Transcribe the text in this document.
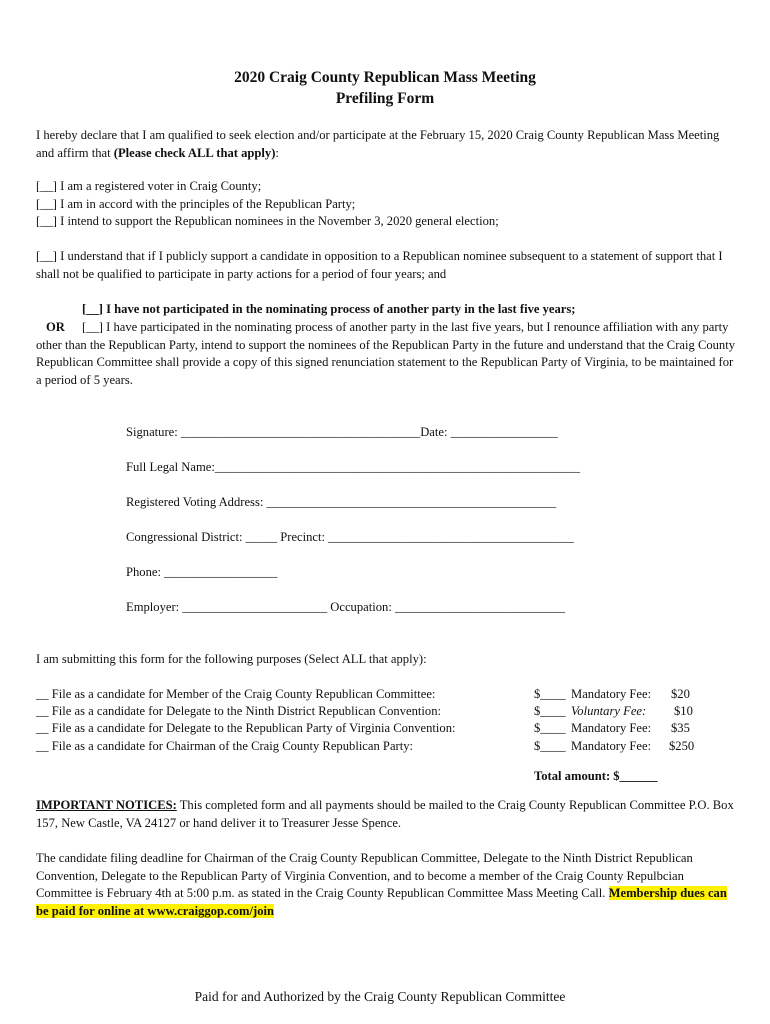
2020 Craig County Republican Mass Meeting
Prefiling Form
I hereby declare that I am qualified to seek election and/or participate at the February 15, 2020 Craig County Republican Mass Meeting and affirm that (Please check ALL that apply):
[__] I am a registered voter in Craig County;
[__] I am in accord with the principles of the Republican Party;
[__] I intend to support the Republican nominees in the November 3, 2020 general election;
[__] I understand that if I publicly support a candidate in opposition to a Republican nominee subsequent to a statement of support that I shall not be qualified to participate in party actions for a period of four years; and
[__] I have not participated in the nominating process of another party in the last five years;
OR	[__] I have participated in the nominating process of another party in the last five years, but I renounce affiliation with any party other than the Republican Party, intend to support the nominees of the Republican Party in the future and understand that the Craig County Republican Committee shall provide a copy of this signed renunciation statement to the Republican Party of Virginia, to be maintained for a period of 5 years.
Signature: ______________________________________Date: _________________
Full Legal Name:__________________________________________________________
Registered Voting Address: ______________________________________________
Congressional District: _____ Precinct: _______________________________________
Phone: __________________
Employer: _______________________ Occupation: ___________________________
I am submitting this form for the following purposes (Select ALL that apply):
__ File as a candidate for Member of the Craig County Republican Committee:	$____ Mandatory Fee: $20
__ File as a candidate for Delegate to the Ninth District Republican Convention:	$____ Voluntary Fee: $10
__ File as a candidate for Delegate to the Republican Party of Virginia Convention:	$____ Mandatory Fee: $35
__ File as a candidate for Chairman of the Craig County Republican Party:	$____ Mandatory Fee: $250
Total amount: $______
IMPORTANT NOTICES: This completed form and all payments should be mailed to the Craig County Republican Committee P.O. Box 157, New Castle, VA 24127 or hand deliver it to Treasurer Jesse Spence.
The candidate filing deadline for Chairman of the Craig County Republican Committee, Delegate to the Ninth District Republican Convention, Delegate to the Republican Party of Virginia Convention, and to become a member of the Craig County Repulbcian Committee is February 4th at 5:00 p.m. as stated in the Craig County Republican Committee Mass Meeting Call. Membership dues can be paid for online at www.craiggop.com/join
Paid for and Authorized by the Craig County Republican Committee
